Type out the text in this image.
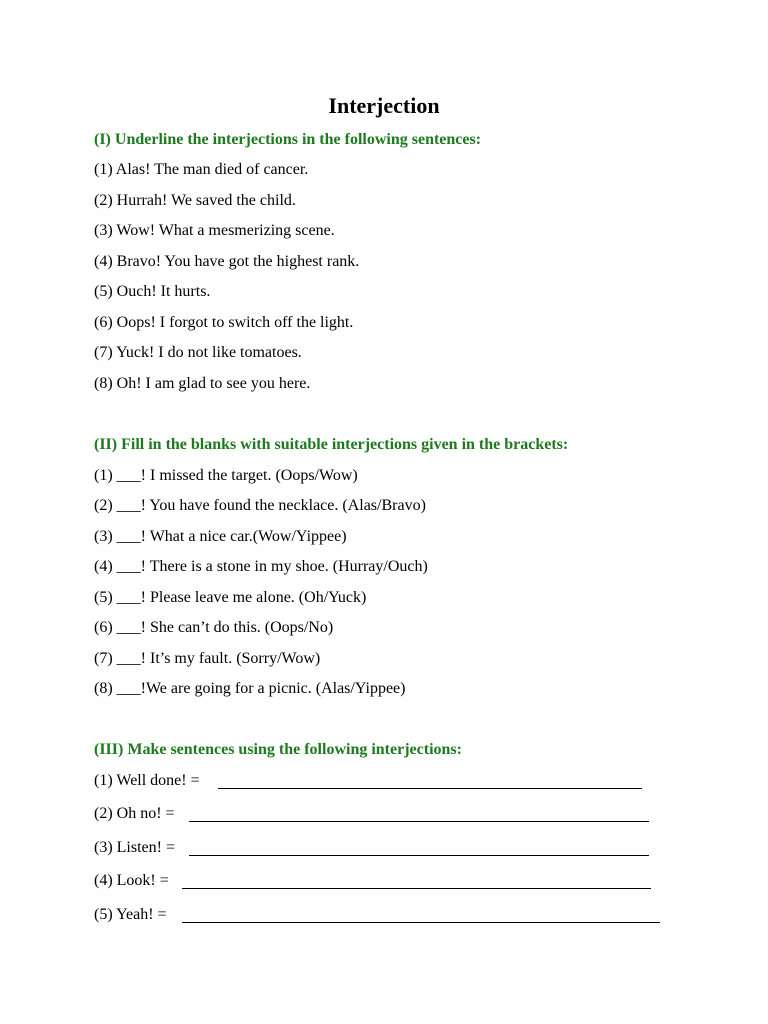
Interjection
(I) Underline the interjections in the following sentences:
(1) Alas! The man died of cancer.
(2) Hurrah! We saved the child.
(3) Wow! What a mesmerizing scene.
(4) Bravo! You have got the highest rank.
(5) Ouch! It hurts.
(6) Oops! I forgot to switch off the light.
(7) Yuck! I do not like tomatoes.
(8) Oh! I am glad to see you here.
(II) Fill in the blanks with suitable interjections given in the brackets:
(1) ___! I missed the target. (Oops/Wow)
(2) ___! You have found the necklace. (Alas/Bravo)
(3) ___! What a nice car.(Wow/Yippee)
(4) ___! There is a stone in my shoe. (Hurray/Ouch)
(5) ___! Please leave me alone. (Oh/Yuck)
(6) ___! She can’t do this. (Oops/No)
(7) ___! It’s my fault. (Sorry/Wow)
(8) ___!We are going for a picnic. (Alas/Yippee)
(III) Make sentences using the following interjections:
(1) Well done! =
(2) Oh no! =
(3) Listen! =
(4) Look! =
(5) Yeah! =
